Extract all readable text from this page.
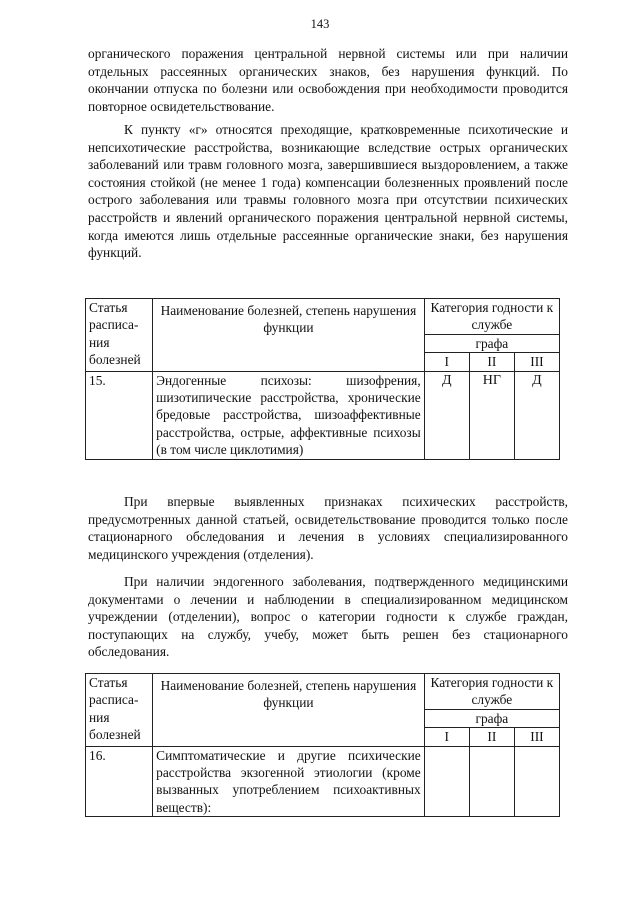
143

органического поражения центральной нервной системы или при наличии отдельных рассеянных органических знаков, без нарушения функций. По окончании отпуска по болезни или освобождения при необходимости проводится повторное освидетельствование.

К пункту «г» относятся преходящие, кратковременные психотические и непсихотические расстройства, возникающие вследствие острых органических заболеваний или травм головного мозга, завершившиеся выздоровлением, а также состояния стойкой (не менее 1 года) компенсации болезненных проявлений после острого заболевания или травмы головного мозга при отсутствии психических расстройств и явлений органического поражения центральной нервной системы, когда имеются лишь отдельные рассеянные органические знаки, без нарушения функций.

Статья расписа-ния болезней	Наименование болезней, степень нарушения функции	Категория годности к службе		
		графа		
		I	II	III
15.	Эндогенные психозы: шизофрения, шизотипические расстройства, хронические бредовые расстройства, шизоаффективные расстройства, острые, аффективные психозы (в том числе циклотимия)	Д	НГ	Д

При впервые выявленных признаках психических расстройств, предусмотренных данной статьей, освидетельствование проводится только после стационарного обследования и лечения в условиях специализированного медицинского учреждения (отделения).

При наличии эндогенного заболевания, подтвержденного медицинскими документами о лечении и наблюдении в специализированном медицинском учреждении (отделении), вопрос о категории годности к службе граждан, поступающих на службу, учебу, может быть решен без стационарного обследования.

Статья расписа-ния болезней	Наименование болезней, степень нарушения функции	Категория годности к службе		
		графа		
		I	II	III
16.	Симптоматические и другие психические расстройства экзогенной этиологии (кроме вызванных употреблением психоактивных веществ):			
